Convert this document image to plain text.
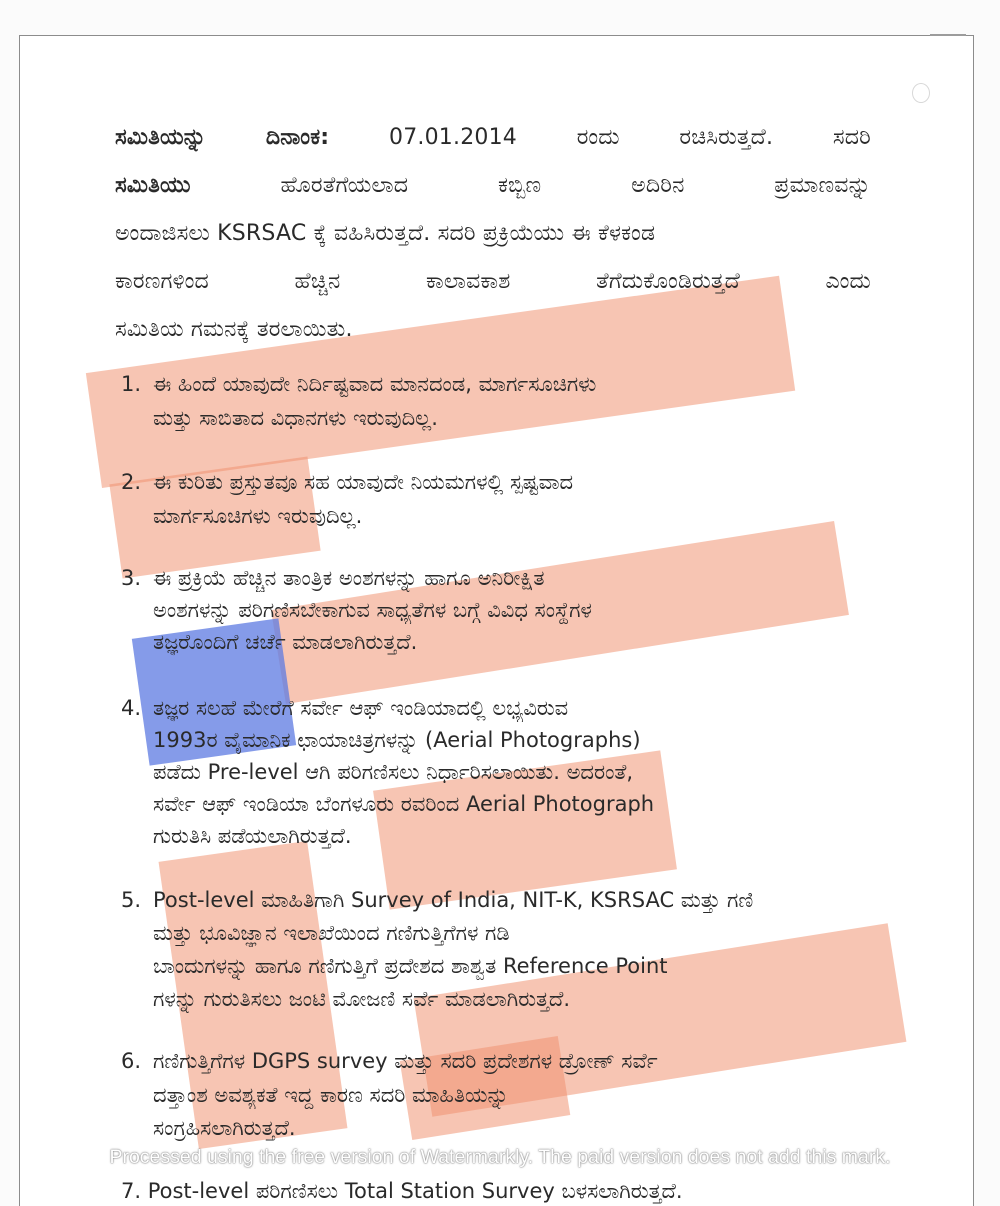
ಸಮಿತಿಯನ್ನು	ದಿನಾಂಕ:	07.01.2014	ರಂದು	ರಚಿಸಿರುತ್ತದೆ.	ಸದರಿ
ಸಮಿತಿಯು	ಹೊರತೆಗೆಯಲಾದ	ಕಬ್ಬಿಣ	ಅದಿರಿನ	ಪ್ರಮಾಣವನ್ನು
ಅಂದಾಜಿಸಲು KSRSAC ಕ್ಕೆ ವಹಿಸಿರುತ್ತದೆ. ಸದರಿ ಪ್ರಕ್ರಿಯೆಯು ಈ ಕೆಳಕಂಡ
ಕಾರಣಗಳಿಂದ	ಹೆಚ್ಚಿನ	ಕಾಲಾವಕಾಶ	ತೆಗೆದುಕೊಂಡಿರುತ್ತದೆ	ಎಂದು
ಸಮಿತಿಯ ಗಮನಕ್ಕೆ ತರಲಾಯಿತು.
1. ಈ ಹಿಂದೆ ಯಾವುದೇ ನಿರ್ದಿಷ್ಟವಾದ ಮಾನದಂಡ, ಮಾರ್ಗಸೂಚಿಗಳು
ಮತ್ತು ಸಾಬಿತಾದ ವಿಧಾನಗಳು ಇರುವುದಿಲ್ಲ.
2. ಈ ಕುರಿತು ಪ್ರಸ್ತುತವೂ ಸಹ ಯಾವುದೇ ನಿಯಮಗಳಲ್ಲಿ ಸ್ಪಷ್ಟವಾದ
ಮಾರ್ಗಸೂಚಿಗಳು ಇರುವುದಿಲ್ಲ.
3. ಈ ಪ್ರಕ್ರಿಯೆ ಹೆಚ್ಚಿನ ತಾಂತ್ರಿಕ ಅಂಶಗಳನ್ನು ಹಾಗೂ ಅನಿರೀಕ್ಷಿತ
ಅಂಶಗಳನ್ನು ಪರಿಗಣಿಸಬೇಕಾಗುವ ಸಾಧ್ಯತೆಗಳ ಬಗ್ಗೆ ವಿವಿಧ ಸಂಸ್ಥೆಗಳ
ತಜ್ಞರೊಂದಿಗೆ ಚರ್ಚೆ ಮಾಡಲಾಗಿರುತ್ತದೆ.
4. ತಜ್ಞರ ಸಲಹೆ ಮೇರೆಗೆ ಸರ್ವೇ ಆಫ್ ಇಂಡಿಯಾದಲ್ಲಿ ಲಭ್ಯವಿರುವ
1993ರ ವೈಮಾನಿಕ ಛಾಯಾಚಿತ್ರಗಳನ್ನು (Aerial Photographs)
ಪಡೆದು Pre-level ಆಗಿ ಪರಿಗಣಿಸಲು ನಿರ್ಧಾರಿಸಲಾಯಿತು. ಅದರಂತೆ,
ಸರ್ವೇ ಆಫ್ ಇಂಡಿಯಾ ಬೆಂಗಳೂರು ರವರಿಂದ Aerial Photograph
ಗುರುತಿಸಿ ಪಡೆಯಲಾಗಿರುತ್ತದೆ.
5. Post-level ಮಾಹಿತಿಗಾಗಿ Survey of India, NIT-K, KSRSAC ಮತ್ತು ಗಣಿ
ಮತ್ತು ಭೂವಿಜ್ಞಾನ ಇಲಾಖೆಯಿಂದ ಗಣಿಗುತ್ತಿಗೆಗಳ ಗಡಿ
ಬಾಂದುಗಳನ್ನು ಹಾಗೂ ಗಣಿಗುತ್ತಿಗೆ ಪ್ರದೇಶದ ಶಾಶ್ವತ Reference Point
ಗಳನ್ನು ಗುರುತಿಸಲು ಜಂಟಿ ಮೋಜಣಿ ಸರ್ವೆ ಮಾಡಲಾಗಿರುತ್ತದೆ.
6. ಗಣಿಗುತ್ತಿಗೆಗಳ DGPS survey ಮತ್ತು ಸದರಿ ಪ್ರದೇಶಗಳ ಡ್ರೋಣ್ ಸರ್ವೆ
ದತ್ತಾಂಶ ಅವಶ್ಯಕತೆ ಇದ್ದ ಕಾರಣ ಸದರಿ ಮಾಹಿತಿಯನ್ನು
ಸಂಗ್ರಹಿಸಲಾಗಿರುತ್ತದೆ.
Processed using the free version of Watermarkly. The paid version does not add this mark.
7. Post-level ಪರಿಗಣಿಸಲು Total Station Survey ಬಳಸಲಾಗಿರುತ್ತದೆ.
